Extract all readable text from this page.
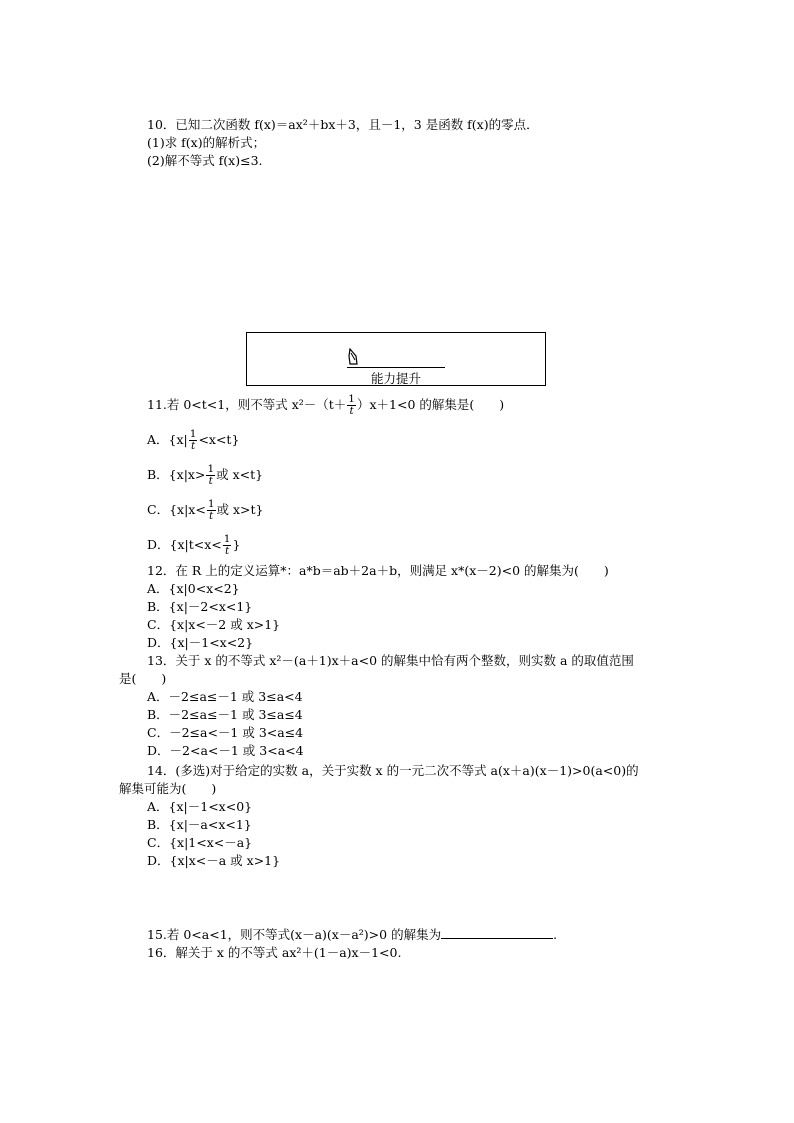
10．已知二次函数 f(x)＝ax²＋bx＋3，且－1，3 是函数 f(x)的零点．
(1)求 f(x)的解析式；
(2)解不等式 f(x)≤3.
能力提升
11.若 0<t<1，则不等式 $x^2-(t+ \frac{1}{t} )x+1<0$ 的解集是(　　)
A．$\{x| \frac{1}{t} <x<t\}$
B．{$x|x> \frac{1}{t}$ 或 x<t}
C．{$x|x< \frac{1}{t}$ 或 x>t}
D．{$x|t<x< \frac{1}{t}$ }
12．在 R 上的定义运算*：a*b＝ab＋2a＋b，则满足 x*(x－2)<0 的解集为(　　)
A．{x|0<x<2}
B．{x|－2<x<1}
C．{x|x<－2 或 x>1}
D．{x|－1<x<2}
13．关于 x 的不等式 x²－(a＋1)x＋a<0 的解集中恰有两个整数，则实数 a 的取值范围
是(　　)
A．－2≤a≤－1 或 3≤a<4
B．－2≤a≤－1 或 3≤a≤4
C．－2≤a<－1 或 3<a≤4
D．－2<a<－1 或 3<a<4
14．(多选)对于给定的实数 a，关于实数 x 的一元二次不等式 a(x＋a)(x－1)>0(a<0)的
解集可能为(　　)
A．{x|－1<x<0}
B．{x|－a<x<1}
C．{x|1<x<－a}
D．{x|x<－a 或 x>1}
15.若 0<a<1，则不等式(x－a)(x－a²)>0 的解集为	.
16．解关于 x 的不等式 ax²＋(1－a)x－1<0.
